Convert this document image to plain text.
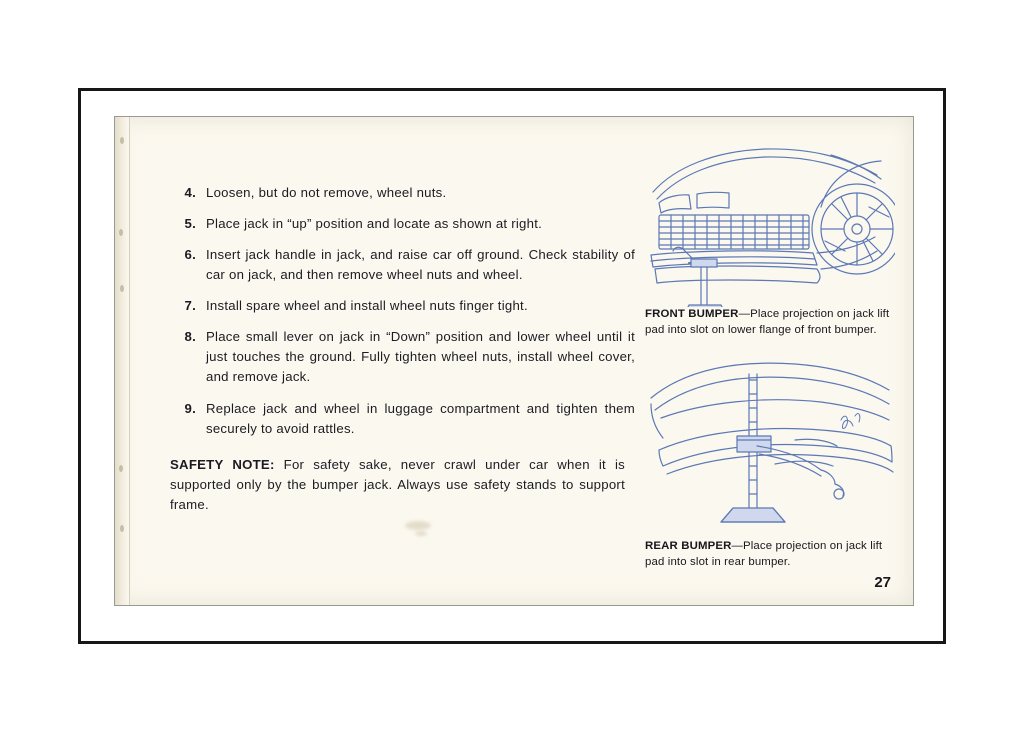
4. Loosen, but do not remove, wheel nuts.
5. Place jack in “up” position and locate as shown at right.
6. Insert jack handle in jack, and raise car off ground. Check stability of car on jack, and then remove wheel nuts and wheel.
7. Install spare wheel and install wheel nuts finger tight.
8. Place small lever on jack in “Down” position and lower wheel until it just touches the ground. Fully tighten wheel nuts, install wheel cover, and remove jack.
9. Replace jack and wheel in luggage compartment and tighten them securely to avoid rattles.
SAFETY NOTE: For safety sake, never crawl under car when it is supported only by the bumper jack. Always use safety stands to support frame.
FRONT BUMPER—Place projection on jack lift pad into slot on lower flange of front bumper.
REAR BUMPER—Place projection on jack lift pad into slot in rear bumper.
27
